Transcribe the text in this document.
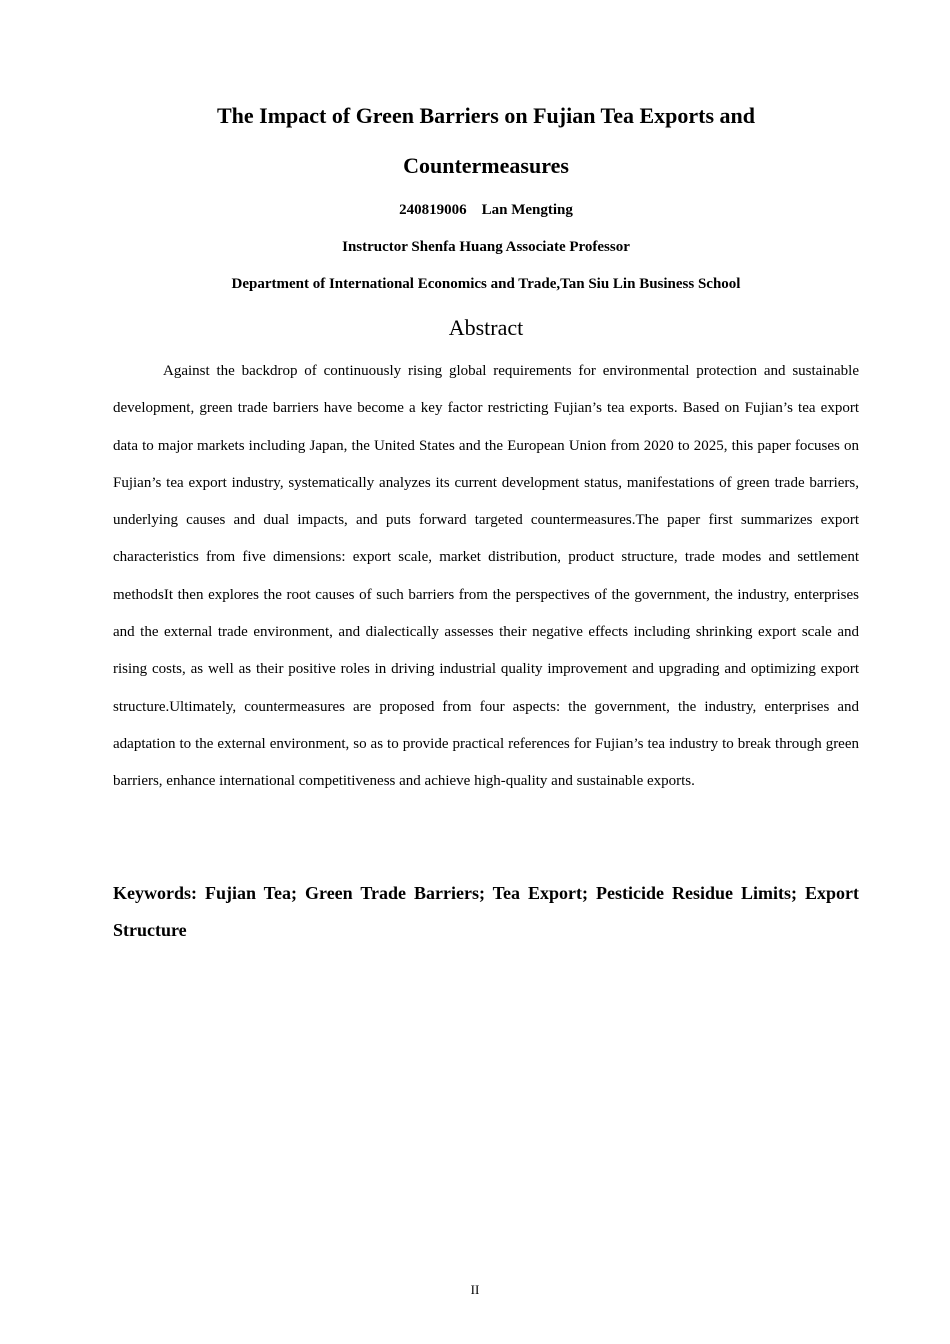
The Impact of Green Barriers on Fujian Tea Exports and
Countermeasures

240819006    Lan Mengting

Instructor Shenfa Huang Associate Professor

Department of International Economics and Trade,Tan Siu Lin Business School

Abstract

Against the backdrop of continuously rising global requirements for environmental protection and sustainable development, green trade barriers have become a key factor restricting Fujian’s tea exports. Based on Fujian’s tea export data to major markets including Japan, the United States and the European Union from 2020 to 2025, this paper focuses on Fujian’s tea export industry, systematically analyzes its current development status, manifestations of green trade barriers, underlying causes and dual impacts, and puts forward targeted countermeasures.The paper first summarizes export characteristics from five dimensions: export scale, market distribution, product structure, trade modes and settlement methodsIt then explores the root causes of such barriers from the perspectives of the government, the industry, enterprises and the external trade environment, and dialectically assesses their negative effects including shrinking export scale and rising costs, as well as their positive roles in driving industrial quality improvement and upgrading and optimizing export structure.Ultimately, countermeasures are proposed from four aspects: the government, the industry, enterprises and adaptation to the external environment, so as to provide practical references for Fujian’s tea industry to break through green barriers, enhance international competitiveness and achieve high-quality and sustainable exports.

Keywords: Fujian Tea; Green Trade Barriers; Tea Export; Pesticide Residue Limits; Export Structure

II
